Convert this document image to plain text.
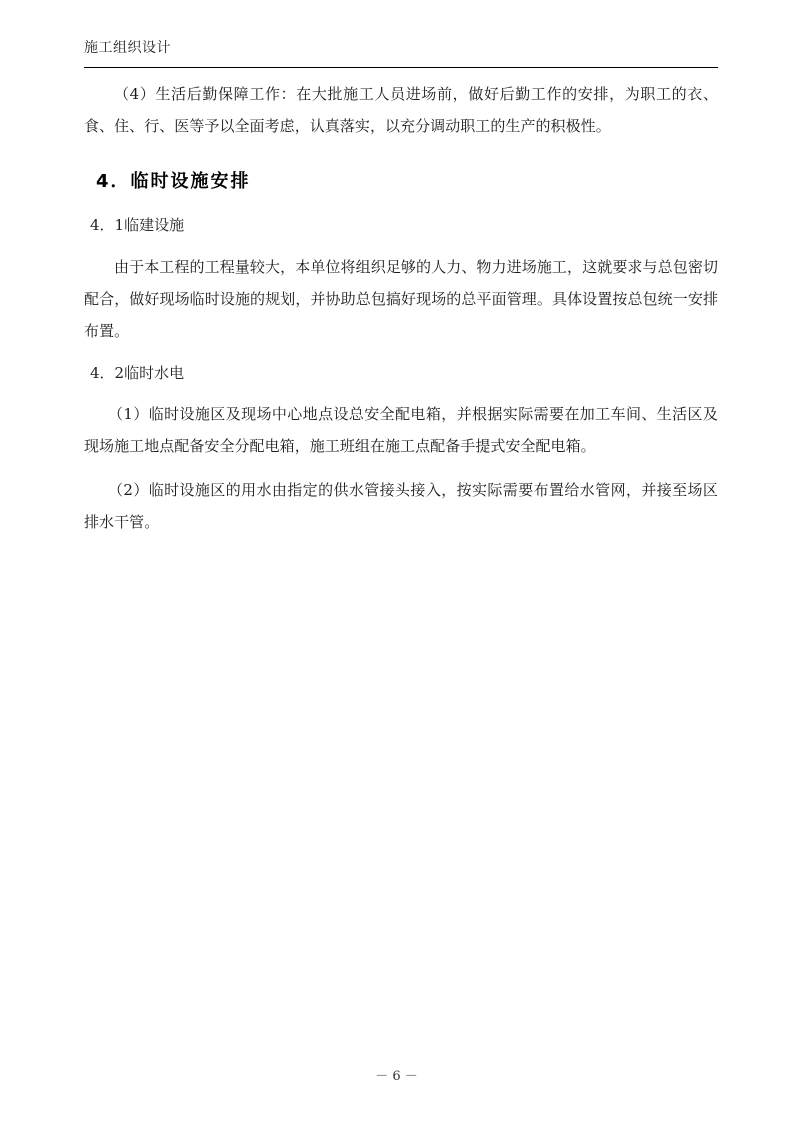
施工组织设计

（4）生活后勤保障工作：在大批施工人员进场前，做好后勤工作的安排，为职工的衣、食、住、行、医等予以全面考虑，认真落实，以充分调动职工的生产的积极性。

4．临时设施安排
4．1临建设施

由于本工程的工程量较大，本单位将组织足够的人力、物力进场施工，这就要求与总包密切配合，做好现场临时设施的规划，并协助总包搞好现场的总平面管理。具体设置按总包统一安排布置。

4．2临时水电

（1）临时设施区及现场中心地点设总安全配电箱，并根据实际需要在加工车间、生活区及现场施工地点配备安全分配电箱，施工班组在施工点配备手提式安全配电箱。

（2）临时设施区的用水由指定的供水管接头接入，按实际需要布置给水管网，并接至场区排水干管。

－ 6 －
